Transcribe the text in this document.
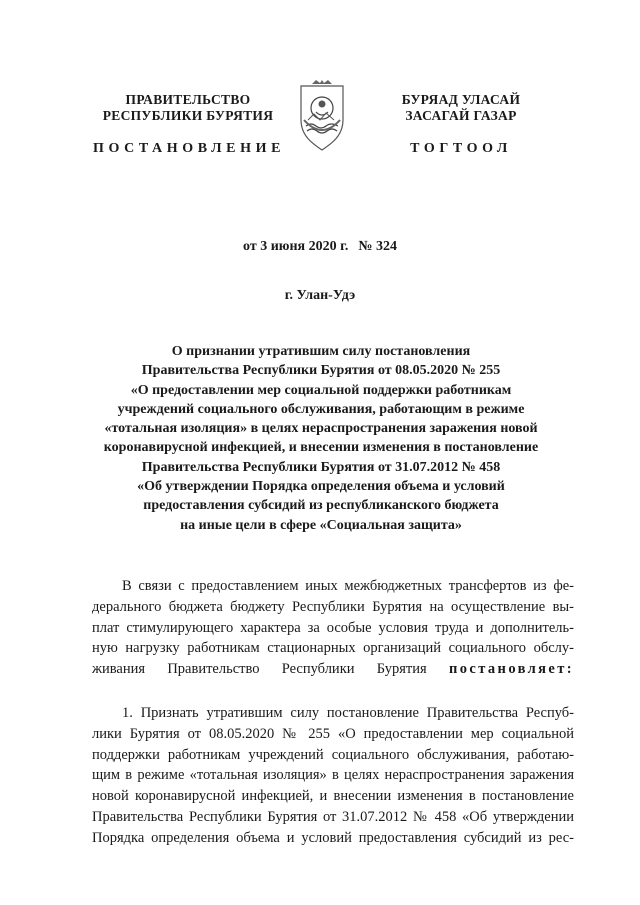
ПРАВИТЕЛЬСТВО
РЕСПУБЛИКИ БУРЯТИЯ
БУРЯАД УЛАСАЙ
ЗАСАГАЙ ГАЗАР
ПОСТАНОВЛЕНИЕ	ТОГТООЛ
от 3 июня 2020 г. № 324
г. Улан-Удэ
О признании утратившим силу постановления
Правительства Республики Бурятия от 08.05.2020 № 255
«О предоставлении мер социальной поддержки работникам
учреждений социального обслуживания, работающим в режиме
«тотальная изоляция» в целях нераспространения заражения новой
коронавирусной инфекцией, и внесении изменения в постановление
Правительства Республики Бурятия от 31.07.2012 № 458
«Об утверждении Порядка определения объема и условий
предоставления субсидий из республиканского бюджета
на иные цели в сфере «Социальная защита»
В связи с предоставлением иных межбюджетных трансфертов из фе-
дерального бюджета бюджету Республики Бурятия на осуществление вы-
плат стимулирующего характера за особые условия труда и дополнитель-
ную нагрузку работникам стационарных организаций социального обслу-
живания Правительство Республики Бурятия постановляет:
1. Признать утратившим силу постановление Правительства Респуб-
лики Бурятия от 08.05.2020 № 255 «О предоставлении мер социальной
поддержки работникам учреждений социального обслуживания, работаю-
щим в режиме «тотальная изоляция» в целях нераспространения заражения
новой коронавирусной инфекцией, и внесении изменения в постановление
Правительства Республики Бурятия от 31.07.2012 № 458 «Об утверждении
Порядка определения объема и условий предоставления субсидий из рес-
